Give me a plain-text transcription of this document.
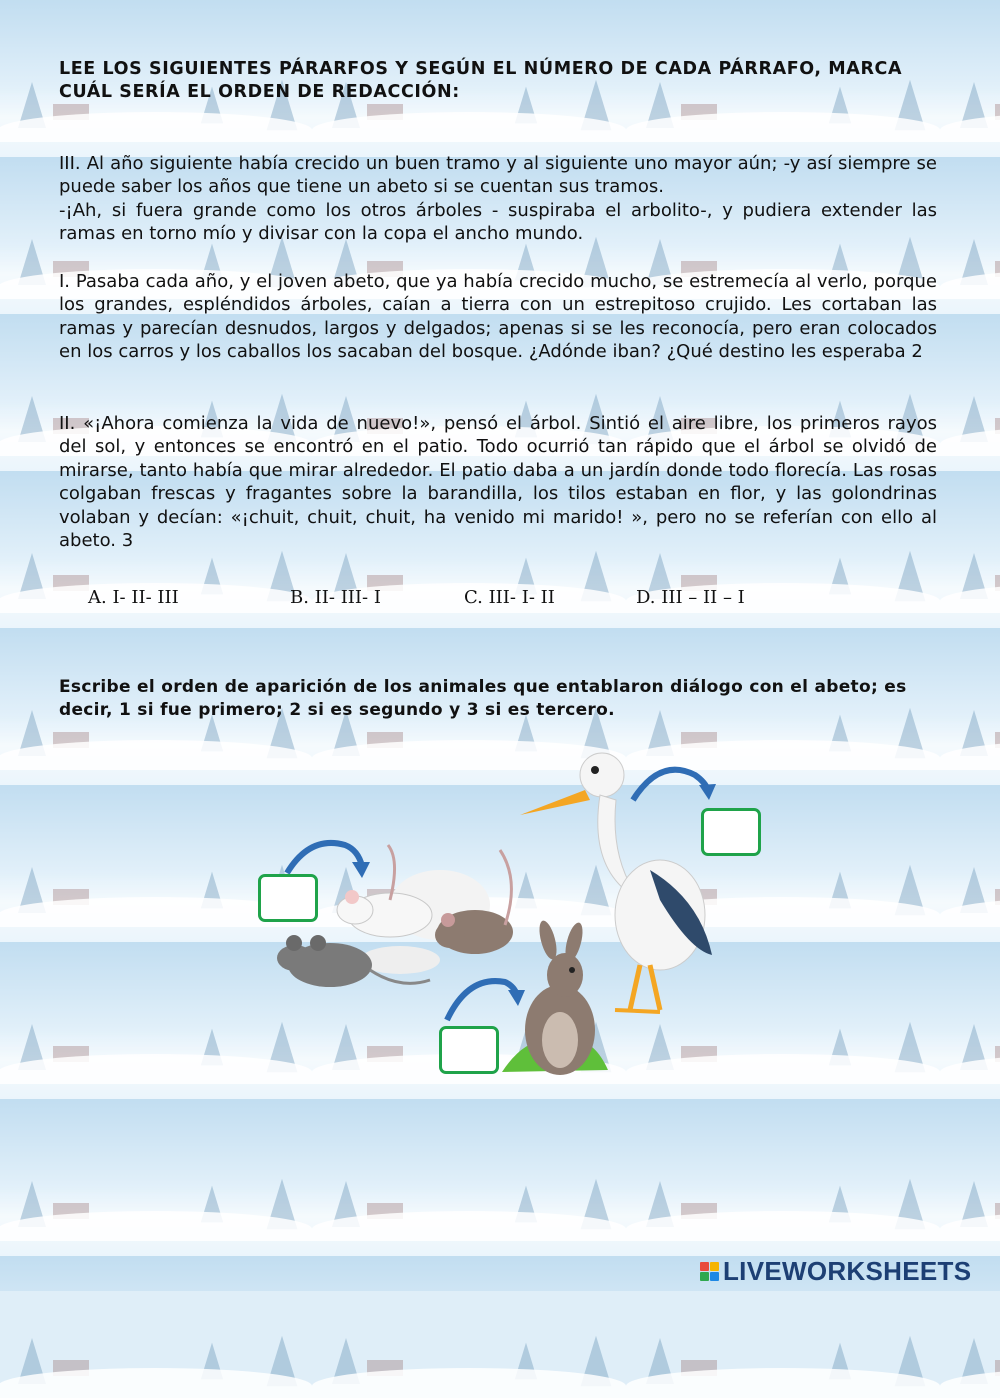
LEE LOS SIGUIENTES PÁRARFOS Y SEGÚN EL NÚMERO DE CADA PÁRRAFO, MARCA CUÁL SERÍA EL ORDEN DE REDACCIÓN:

III. Al año siguiente había crecido un buen tramo y al siguiente uno mayor aún; -y así siempre se puede saber los años que tiene un abeto si se cuentan sus tramos.

-¡Ah, si fuera grande como los otros árboles - suspiraba el arbolito-, y pudiera extender las ramas en torno mío y divisar con la copa el ancho mundo.

I. Pasaba cada año, y el joven abeto, que ya había crecido mucho, se estremecía al verlo, porque los grandes, espléndidos árboles, caían a tierra con un estrepitoso crujido. Les cortaban las ramas y parecían desnudos, largos y delgados; apenas si se les reconocía, pero eran colocados en los carros y los caballos los sacaban del bosque. ¿Adónde iban? ¿Qué destino les esperaba 2

II. «¡Ahora comienza la vida de nuevo!», pensó el árbol. Sintió el aire libre, los primeros rayos del sol, y entonces se encontró en el patio. Todo ocurrió tan rápido que el árbol se olvidó de mirarse, tanto había que mirar alrededor. El patio daba a un jardín donde todo florecía. Las rosas colgaban frescas y fragantes sobre la barandilla, los tilos estaban en flor, y las golondrinas volaban y decían: «¡chuit, chuit, chuit, ha venido mi marido! », pero no se referían con ello al abeto. 3

A. I- II- III	B. II- III- I	C. III- I- II	D. III – II – I

Escribe el orden de aparición de los animales que entablaron diálogo con el abeto; es decir, 1 si fue primero; 2 si es segundo y 3 si es tercero.

LIVEWORKSHEETS
